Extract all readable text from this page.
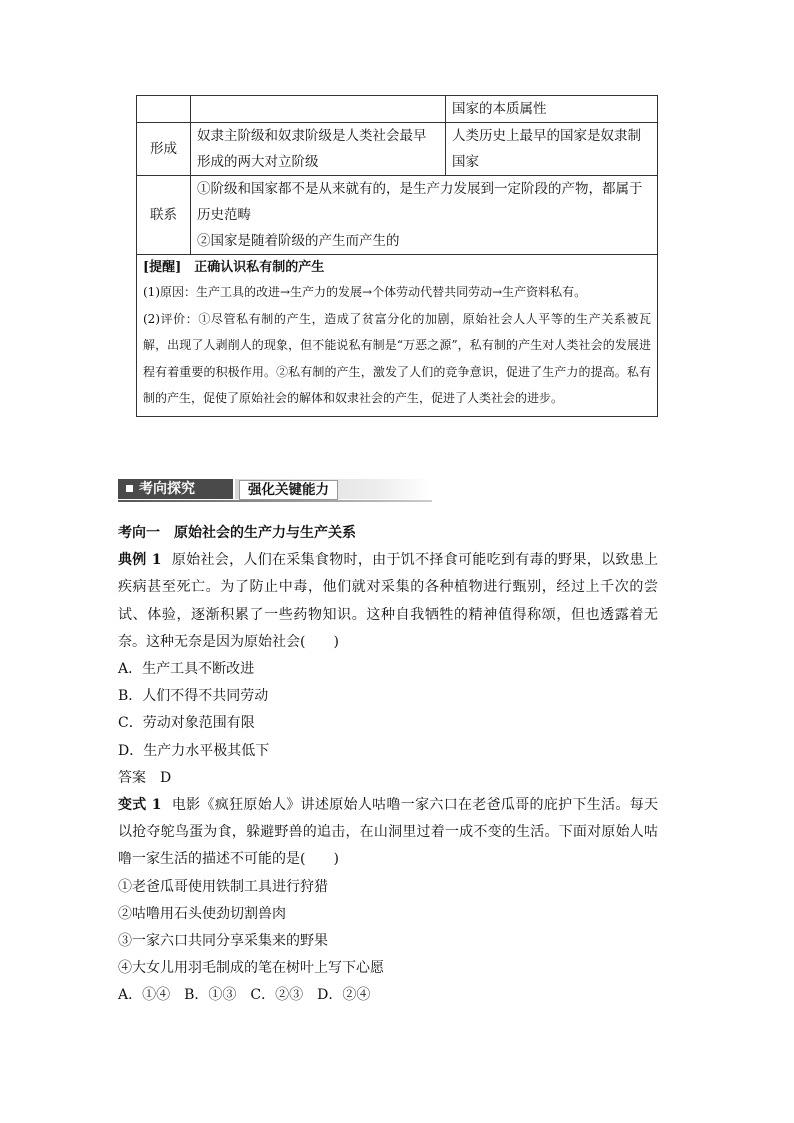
		国家的本质属性
形成	奴隶主阶级和奴隶阶级是人类社会最早形成的两大对立阶级	人类历史上最早的国家是奴隶制国家
联系	①阶级和国家都不是从来就有的，是生产力发展到一定阶段的产物，都属于历史范畴
②国家是随着阶级的产生而产生的	

[提醒]　正确认识私有制的产生
(1)原因：生产工具的改进→生产力的发展→个体劳动代替共同劳动→生产资料私有。
(2)评价：①尽管私有制的产生，造成了贫富分化的加剧，原始社会人人平等的生产关系被瓦解，出现了人剥削人的现象，但不能说私有制是“万恶之源”，私有制的产生对人类社会的发展进程有着重要的积极作用。②私有制的产生，激发了人们的竞争意识，促进了生产力的提高。私有制的产生，促使了原始社会的解体和奴隶社会的产生，促进了人类社会的进步。		
考向探究	强化关键能力

考向一　原始社会的生产力与生产关系

典例 1 原始社会，人们在采集食物时，由于饥不择食可能吃到有毒的野果，以致患上疾病甚至死亡。为了防止中毒，他们就对采集的各种植物进行甄别，经过上千次的尝试、体验，逐渐积累了一些药物知识。这种自我牺牲的精神值得称颂，但也透露着无奈。这种无奈是因为原始社会(　　)

A．生产工具不断改进

B．人们不得不共同劳动

C．劳动对象范围有限

D．生产力水平极其低下

答案　D

变式 1 电影《疯狂原始人》讲述原始人咕噜一家六口在老爸瓜哥的庇护下生活。每天以抢夺鸵鸟蛋为食，躲避野兽的追击，在山洞里过着一成不变的生活。下面对原始人咕噜一家生活的描述不可能的是(　　)

①老爸瓜哥使用铁制工具进行狩猎

②咕噜用石头使劲切割兽肉

③一家六口共同分享采集来的野果

④大女儿用羽毛制成的笔在树叶上写下心愿

A．①④　B．①③　C．②③　D．②④
